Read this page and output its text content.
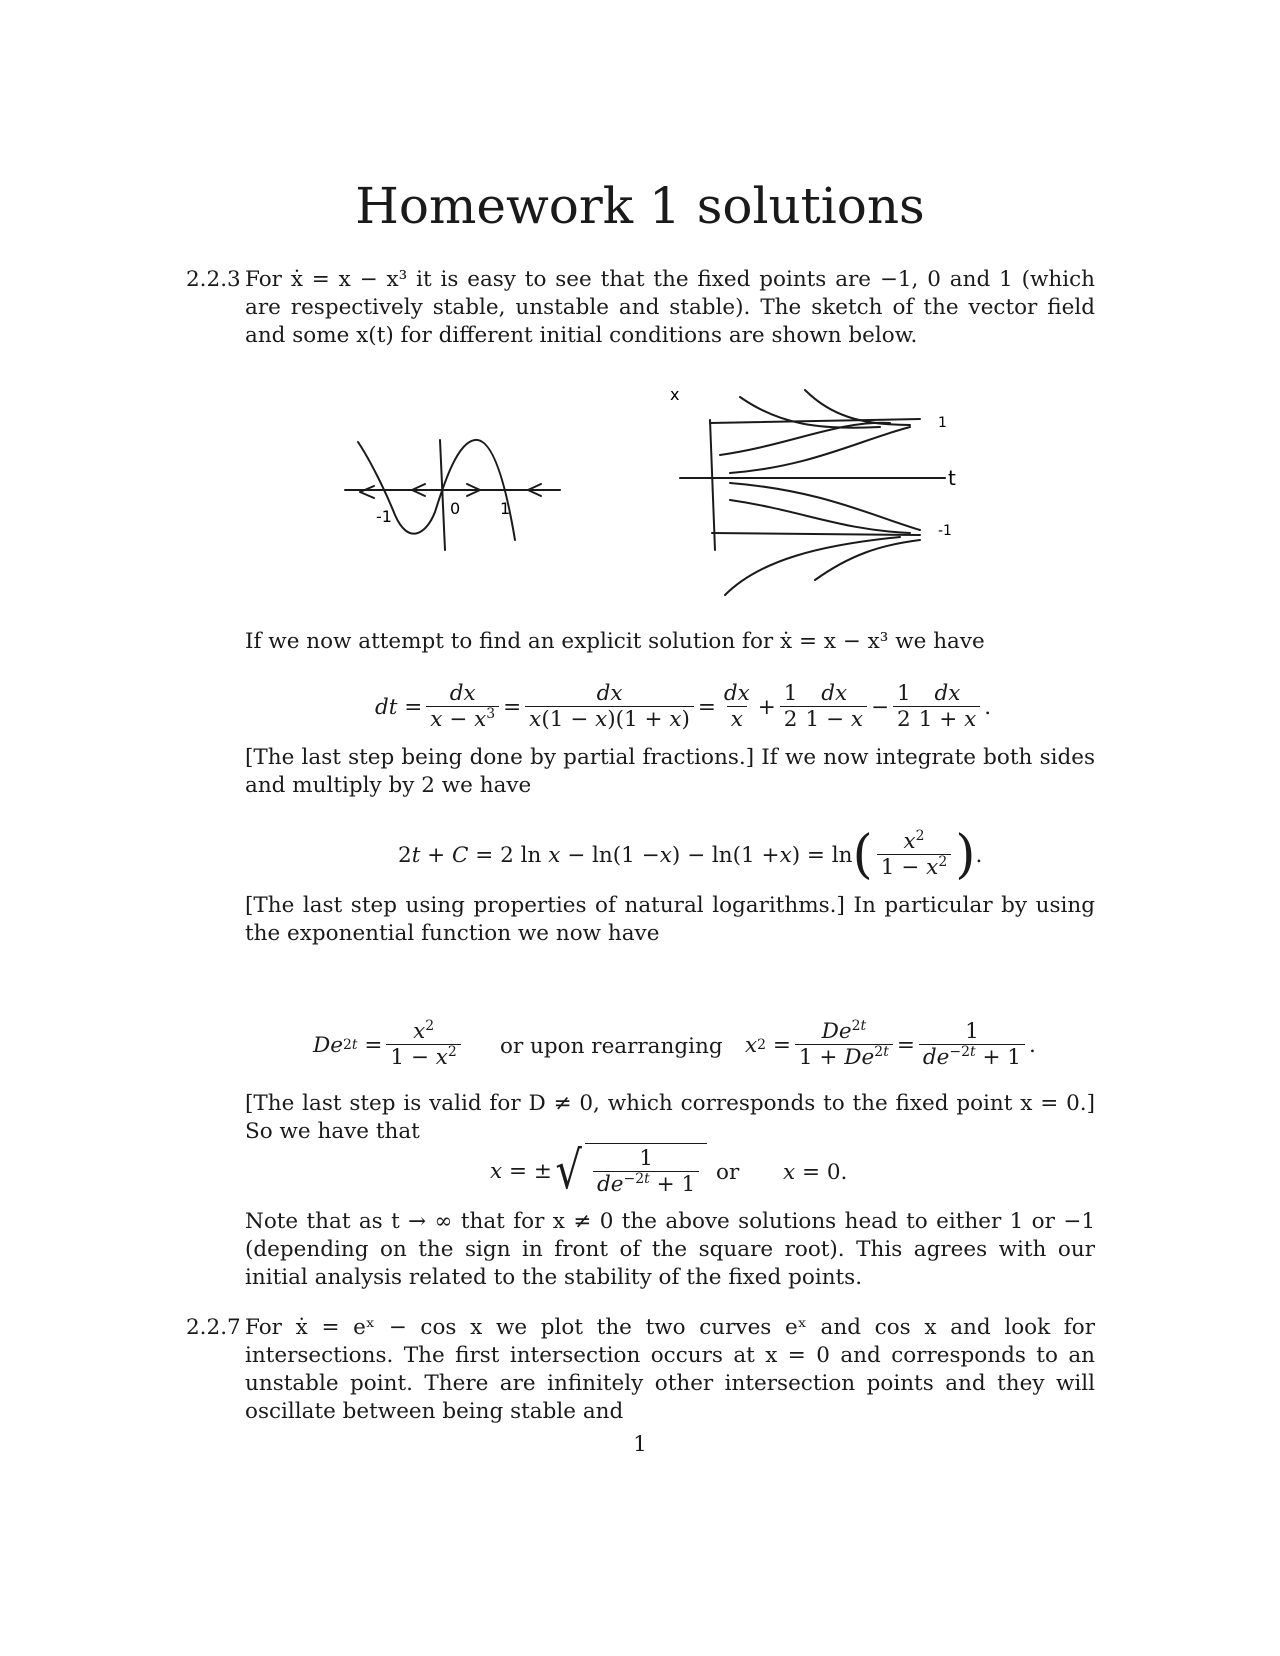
Homework 1 solutions
2.2.3 For ẋ = x − x³ it is easy to see that the fixed points are −1, 0 and 1 (which are respectively stable, unstable and stable). The sketch of the vector field and some x(t) for different initial conditions are shown below.
-1	0 1
x
t
1
-1
If we now attempt to find an explicit solution for ẋ = x − x³ we have
dt = $\frac{dx}{x - x^3} = \frac{dx}{x(1 - x)(1 + x)} = \frac{dx}{x} + \frac{1}{2} \frac{dx}{1 - x} - \frac{1}{2} \frac{dx}{1 + x}$ .
[The last step being done by partial fractions.] If we now integrate both sides and multiply by 2 we have
2 t + C = 2 ln x − ln(1 − x ) − ln(1 + x ) = ln ( $\frac{x^2}{1 - x^2}$ ) .
[The last step using properties of natural logarithms.] In particular by using the exponential function we now have
De $2t = \frac{x^2}{1 - x^2}$ or upon rearranging x $2 = \frac{De^{2t}}{1 + De^{2t}} = \frac{1}{de^{-2t} + 1}$ .
[The last step is valid for D ≠ 0, which corresponds to the fixed point x = 0.] So we have that
x = ± √ $\frac{1}{de^{-2t} + 1}$ or x = 0.
Note that as t → ∞ that for x ≠ 0 the above solutions head to either 1 or −1 (depending on the sign in front of the square root). This agrees with our initial analysis related to the stability of the fixed points.
2.2.7 For ẋ = eˣ − cos x we plot the two curves eˣ and cos x and look for intersections. The first intersection occurs at x = 0 and corresponds to an unstable point. There are infinitely other intersection points and they will oscillate between being stable and
1
